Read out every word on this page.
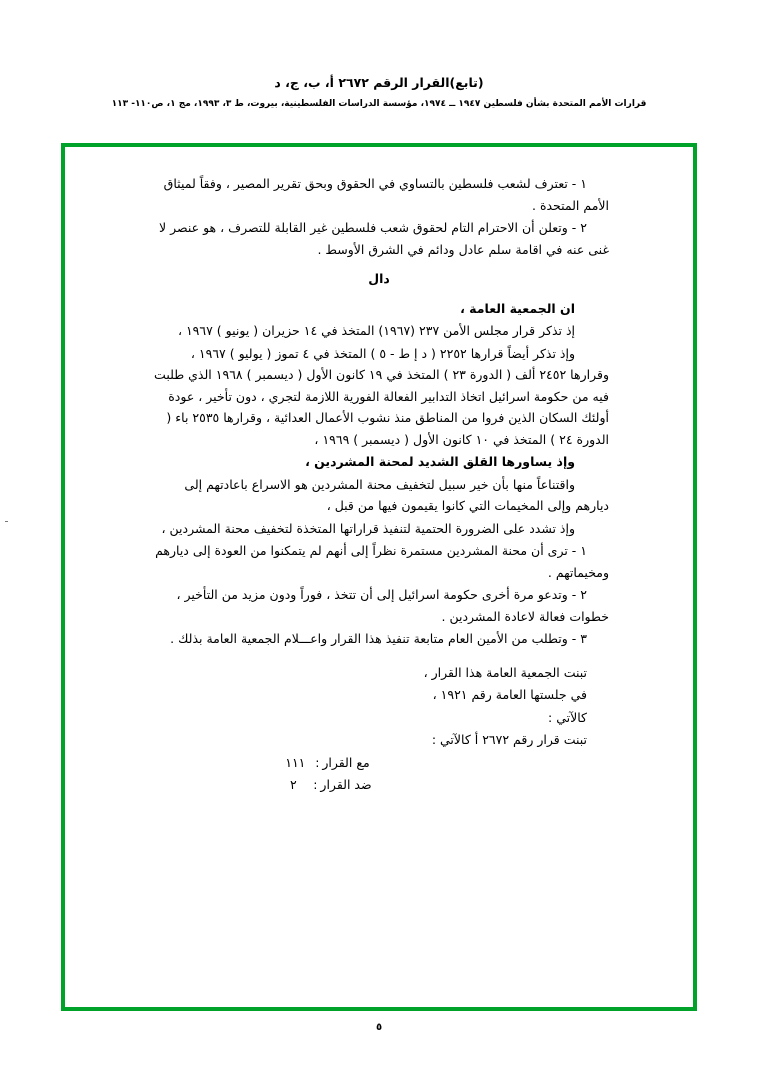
(تابع)القرار الرقم ٢٦٧٢ أ، ب، ج، د
قرارات الأمم المتحدة بشأن فلسطين ١٩٤٧ ــ ١٩٧٤، مؤسسة الدراسات الفلسطينية، بيروت، ط ٣، ١٩٩٣، مج ١، ص١١٠- ١١٣

١ - تعترف لشعب فلسطين بالتساوي في الحقوق وبحق تقرير المصير ، وفقاً لميثاق الأمم المتحدة .

٢ - وتعلن أن الاحترام التام لحقوق شعب فلسطين غير القابلة للتصرف ، هو عنصر لا غنى عنه في اقامة سلم عادل ودائم في الشرق الأوسط .

دال

ان الجمعية العامة ،

إذ تذكر قرار مجلس الأمن ٢٣٧ (١٩٦٧) المتخذ في ١٤ حزيران ( يونيو ) ١٩٦٧ ،

وإذ تذكر أيضاً قرارها ٢٢٥٢ ( د إ ط - ٥ ) المتخذ في ٤ تموز ( يوليو ) ١٩٦٧ ، وقرارها ٢٤٥٢ ألف ( الدورة ٢٣ ) المتخذ في ١٩ كانون الأول ( ديسمبر ) ١٩٦٨ الذي طلبت فيه من حكومة اسرائيل اتخاذ التدابير الفعالة الفورية اللازمة لتجري ، دون تأخير ، عودة أولئك السكان الذين فروا من المناطق منذ نشوب الأعمال العدائية ، وقرارها ٢٥٣٥ باء ( الدورة ٢٤ ) المتخذ في ١٠ كانون الأول ( ديسمبر ) ١٩٦٩ ،

وإذ يساورها القلق الشديد لمحنة المشردين ،

واقتناعاً منها بأن خير سبيل لتخفيف محنة المشردين هو الاسراع باعادتهم إلى ديارهم وإلى المخيمات التي كانوا يقيمون فيها من قبل ،

وإذ تشدد على الضرورة الحتمية لتنفيذ قراراتها المتخذة لتخفيف محنة المشردين ،

١ - ترى أن محنة المشردين مستمرة نظراً إلى أنهم لم يتمكنوا من العودة إلى ديارهم ومخيماتهم .

٢ - وتدعو مرة أخرى حكومة اسرائيل إلى أن تتخذ ، فوراً ودون مزيد من التأخير ، خطوات فعالة لاعادة المشردين .

٣ - وتطلب من الأمين العام متابعة تنفيذ هذا القرار واعـــلام الجمعية العامة بذلك .

تبنت الجمعية العامة هذا القرار ،

في جلستها العامة رقم ١٩٢١ ،

كالآتي :

تبنت قرار رقم ٢٦٧٢ أ كالآتي :

مع القرار:١١١

ضد القرار:٢

٥
